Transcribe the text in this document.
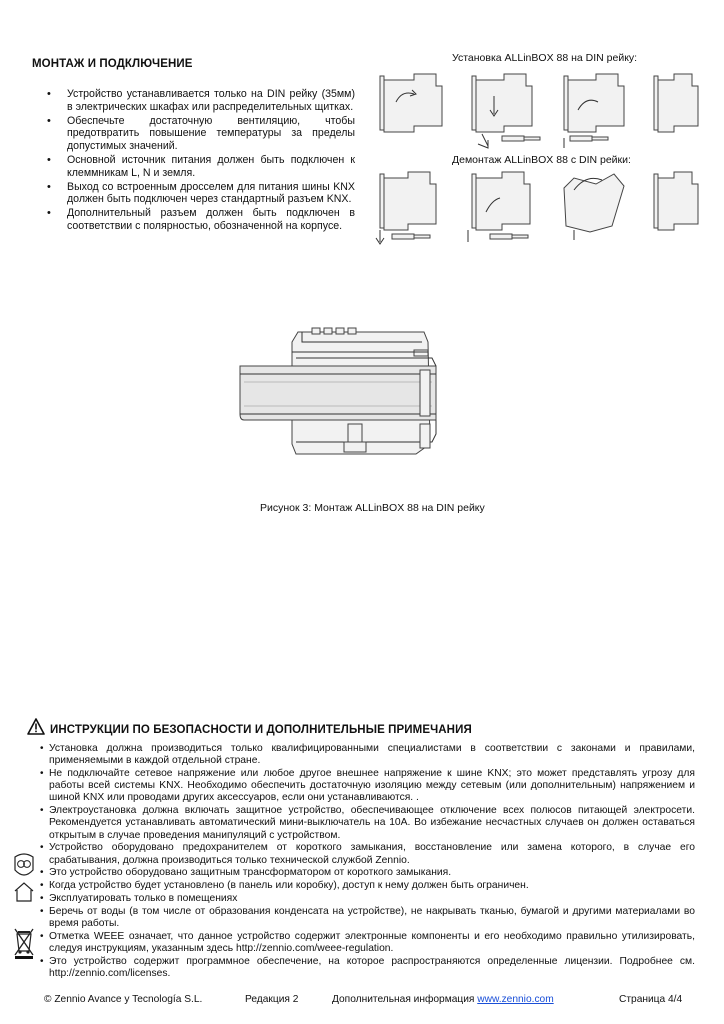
МОНТАЖ И ПОДКЛЮЧЕНИЕ
• Устройство устанавливается только на DIN рейку (35мм) в электрических шкафах или распределительных щитках.
• Обеспечьте достаточную вентиляцию, чтобы предотвратить повышение температуры за пределы допустимых значений.
• Основной источник питания должен быть подключен к клеммникам L, N и земля.
• Выход со встроенным дросселем для питания шины KNX должен быть подключен через стандартный разъем KNX.
• Дополнительный разъем должен быть подключен в соответствии с полярностью, обозначенной на корпусе.
Установка ALLinBOX 88 на DIN рейку:
Демонтаж ALLinBOX 88 с DIN рейки:
Рисунок 3: Монтаж ALLinBOX 88 на DIN рейку
ИНСТРУКЦИИ ПО БЕЗОПАСНОСТИ И ДОПОЛНИТЕЛЬНЫЕ ПРИМЕЧАНИЯ
• Установка должна производиться только квалифицированными специалистами в соответствии с законами и правилами, применяемыми в каждой отдельной стране.
• Не подключайте сетевое напряжение или любое другое внешнее напряжение к шине KNX; это может представлять угрозу для работы всей системы KNX. Необходимо обеспечить достаточную изоляцию между сетевым (или дополнительным) напряжением и шиной KNX или проводами других аксессуаров, если они устанавливаются. .
• Электроустановка должна включать защитное устройство, обеспечивающее отключение всех полюсов питающей электросети. Рекомендуется устанавливать автоматический мини-выключатель на 10А. Во избежание несчастных случаев он должен оставаться открытым в случае проведения манипуляций с устройством.
• Устройство оборудовано предохранителем от короткого замыкания, восстановление или замена которого, в случае его срабатывания, должна производиться только технической службой Zennio.
• Это устройство оборудовано защитным трансформатором от короткого замыкания.
• Когда устройство будет установлено (в панель или коробку), доступ к нему должен быть ограничен.
• Эксплуатировать только в помещениях
• Беречь от воды (в том числе от образования конденсата на устройстве), не накрывать тканью, бумагой и другими материалами во время работы.
• Отметка WEEE означает, что данное устройство содержит электронные компоненты и его необходимо правильно утилизировать, следуя инструкциям, указанным здесь http://zennio.com/weee-regulation.
• Это устройство содержит программное обеспечение, на которое распространяются определенные лицензии. Подробнее см. http://zennio.com/licenses.
© Zennio Avance y Tecnología S.L.	Редакция 2	Дополнительная информация www.zennio.com	Страница 4/4
